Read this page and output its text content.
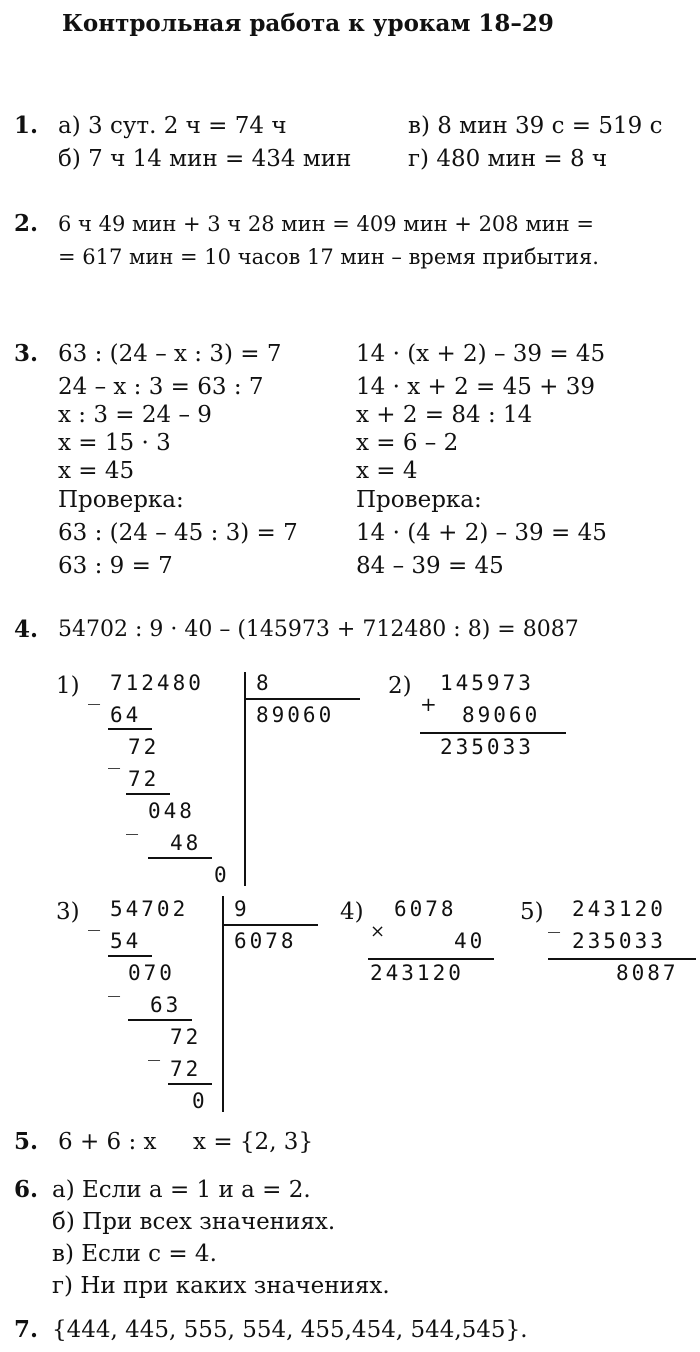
Контрольная работа к урокам 18–29
1. а) 3 сут. 2 ч = 74 ч
б) 7 ч 14 мин = 434 мин
в) 8 мин 39 с = 519 с
г) 480 мин = 8 ч
2. 6 ч 49 мин + 3 ч 28 мин = 409 мин + 208 мин =
= 617 мин = 10 часов 17 мин – время прибытия.
3. 63 : (24 – x : 3) = 7
24 – x : 3 = 63 : 7
x : 3 = 24 – 9
x = 15 · 3
x = 45
Проверка:
63 : (24 – 45 : 3) = 7
63 : 9 = 7
14 · (x + 2) – 39 = 45
14 · x + 2 = 45 + 39
x + 2 = 84 : 14
x = 6 – 2
x = 4
Проверка:
14 · (4 + 2) – 39 = 45
84 – 39 = 45
4. 54702 : 9 · 40 – (145973 + 712480 : 8) = 8087
1) _ 712480
64
_ 72
72
_ 048
48
0
8
89060
2)
+
145973
89060
235033
3) _ 54702
54
_ 070
63
_ 72
72
0
9
6078
4)
×
6078
40
243120
5) _ 243120
235033
8087
5. 6 + 6 : x     x = {2, 3}
6. а) Если a = 1 и a = 2.
б) При всех значениях.
в) Если c = 4.
г) Ни при каких значениях.
7. {444, 445, 555, 554, 455,454, 544,545}.
